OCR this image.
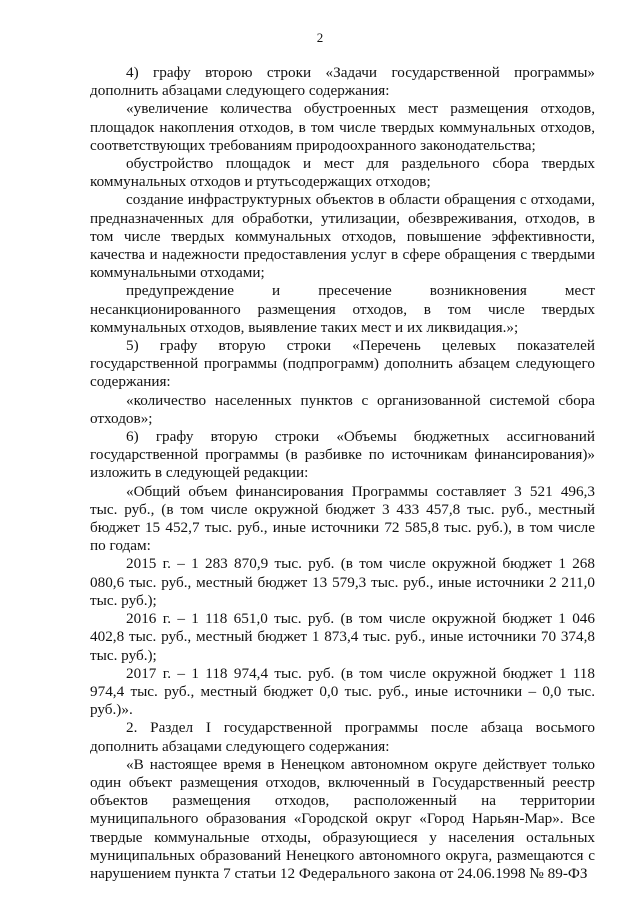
2

4) графу второю строки «Задачи государственной программы» дополнить абзацами следующего содержания:

«увеличение количества обустроенных мест размещения отходов, площадок накопления отходов, в том числе твердых коммунальных отходов, соответствующих требованиям природоохранного законодательства;

обустройство площадок и мест для раздельного сбора твердых коммунальных отходов и ртутьсодержащих отходов;

создание инфраструктурных объектов в области обращения с отходами, предназначенных для обработки, утилизации, обезвреживания, отходов, в том числе твердых коммунальных отходов, повышение эффективности, качества и надежности предоставления услуг в сфере обращения с твердыми коммунальными отходами;

предупреждение и пресечение возникновения мест несанкционированного размещения отходов, в том числе твердых коммунальных отходов, выявление таких мест и их ликвидация.»;

5) графу вторую строки «Перечень целевых показателей государственной программы (подпрограмм) дополнить абзацем следующего содержания:

«количество населенных пунктов с организованной системой сбора отходов»;

6) графу вторую строки «Объемы бюджетных ассигнований государственной программы (в разбивке по источникам финансирования)» изложить в следующей редакции:

«Общий объем финансирования Программы составляет 3 521 496,3 тыс. руб., (в том числе окружной бюджет 3 433 457,8 тыс. руб., местный бюджет 15 452,7 тыс. руб., иные источники 72 585,8 тыс. руб.), в том числе по годам:

2015 г. – 1 283 870,9 тыс. руб. (в том числе окружной бюджет 1 268 080,6 тыс. руб., местный бюджет 13 579,3 тыс. руб., иные источники 2 211,0 тыс. руб.);

2016 г. – 1 118 651,0 тыс. руб. (в том числе окружной бюджет 1 046 402,8 тыс. руб., местный бюджет 1 873,4 тыс. руб., иные источники 70 374,8 тыс. руб.);

2017 г. – 1 118 974,4 тыс. руб. (в том числе окружной бюджет 1 118 974,4 тыс. руб., местный бюджет 0,0 тыс. руб., иные источники – 0,0 тыс. руб.)».

2. Раздел I государственной программы после абзаца восьмого дополнить абзацами следующего содержания:

«В настоящее время в Ненецком автономном округе действует только один объект размещения отходов, включенный в Государственный реестр объектов размещения отходов, расположенный на территории муниципального образования «Городской округ «Город Нарьян-Мар». Все твердые коммунальные отходы, образующиеся у населения остальных муниципальных образований Ненецкого автономного округа, размещаются с нарушением пункта 7 статьи 12 Федерального закона от 24.06.1998 № 89-ФЗ
